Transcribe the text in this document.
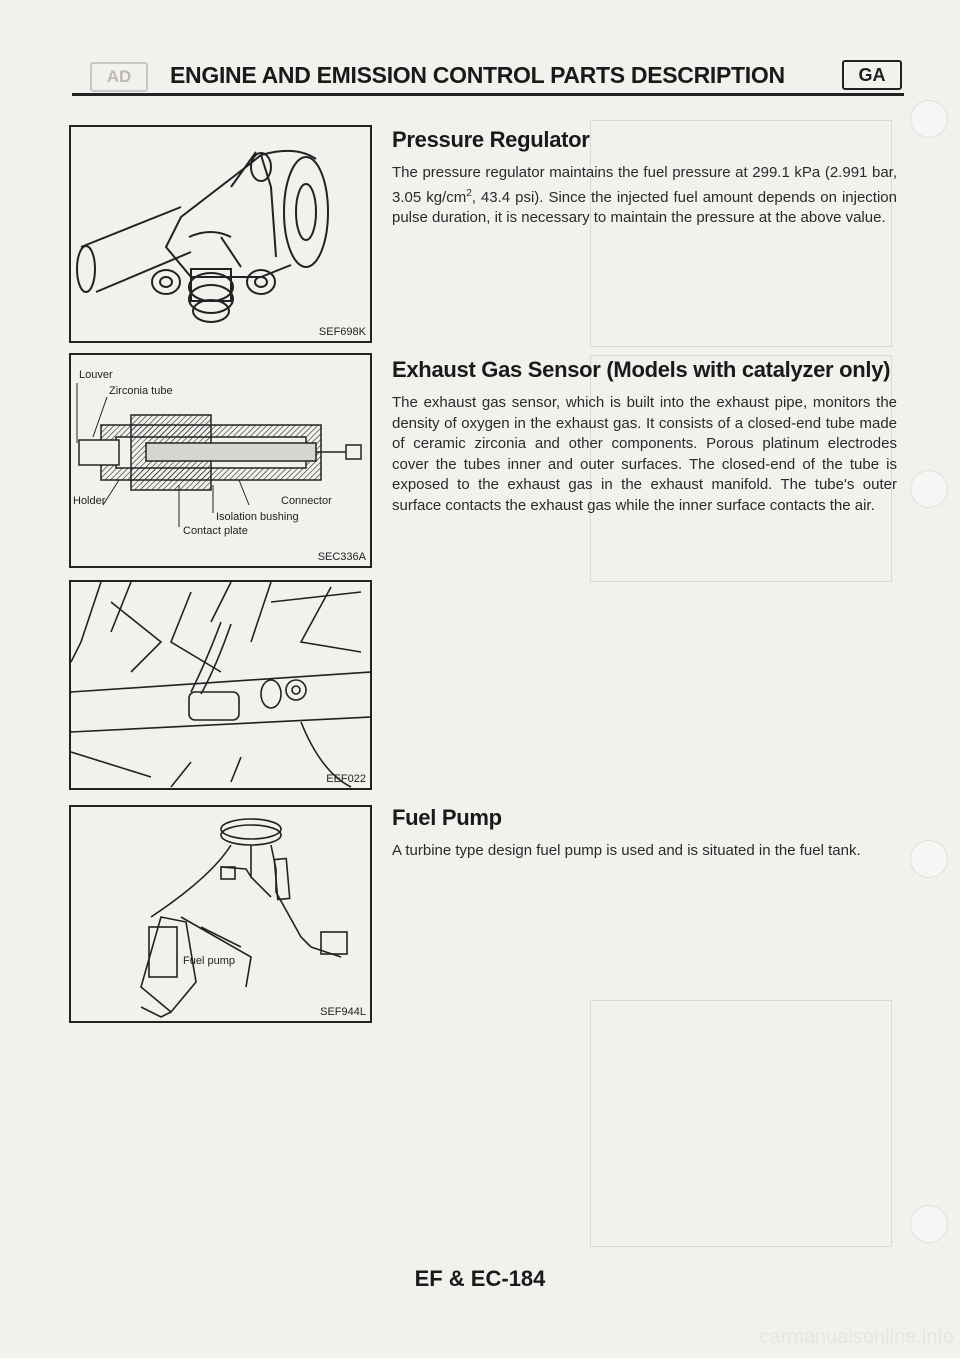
AD	ENGINE AND EMISSION CONTROL PARTS DESCRIPTION	GA
SEF698K
Louver
Zirconia tube
Holder	Connector
Isolation bushing
Contact plate
SEC336A
EEF022
Fuel pump
SEF944L
Pressure Regulator

The pressure regulator maintains the fuel pressure at 299.1 kPa (2.991 bar, 3.05 $kg/cm^2$, 43.4 psi). Since the injected fuel amount depends on injection pulse duration, it is necessary to maintain the pressure at the above value.

Exhaust Gas Sensor (Models with catalyzer only)

The exhaust gas sensor, which is built into the exhaust pipe, monitors the density of oxygen in the exhaust gas. It consists of a closed-end tube made of ceramic zirconia and other components. Porous platinum electrodes cover the tubes inner and outer surfaces. The closed-end of the tube is exposed to the exhaust gas in the exhaust manifold. The tube's outer surface contacts the exhaust gas while the inner surface contacts the air.

Fuel Pump

A turbine type design fuel pump is used and is situated in the fuel tank.

EF & EC-184
carmanualsonline.info
